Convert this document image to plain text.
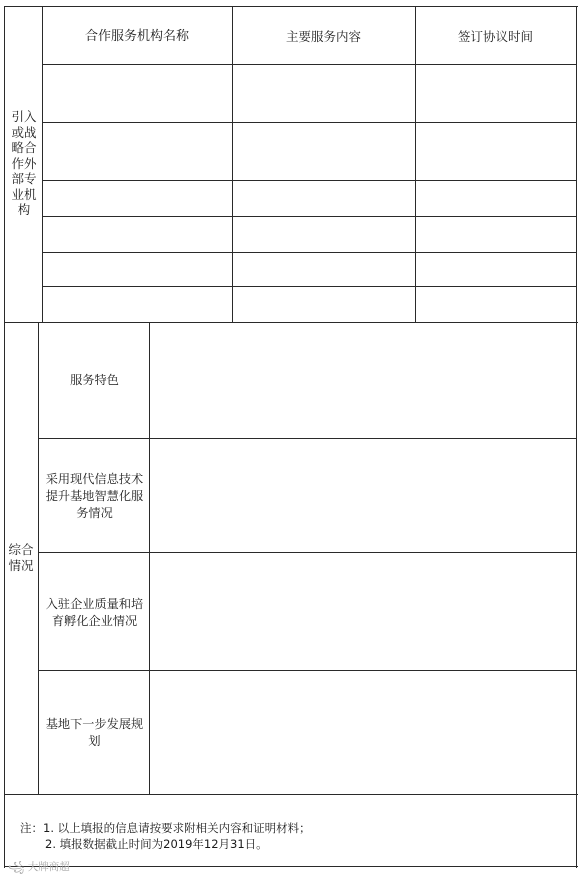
引入
或战
略合
作外
部专
业机
构
合作服务机构名称	主要服务内容	签订协议时间
综合
情况
服务特色
采用现代信息技术
提升基地智慧化服
务情况
入驻企业质量和培
育孵化企业情况
基地下一步发展规
划
注：1. 以上填报的信息请按要求附相关内容和证明材料；
2. 填报数据截止时间为2019年12月31日。
꧁ 大牌商超
